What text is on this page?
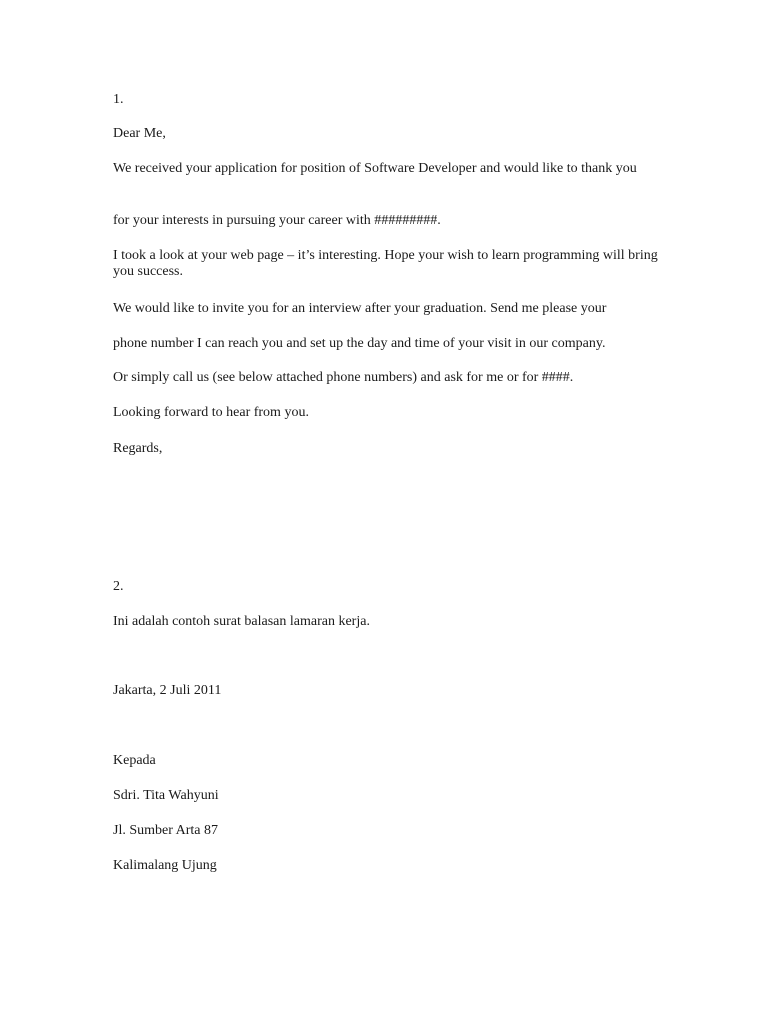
1.

Dear Me,

We received your application for position of Software Developer and would like to thank you

for your interests in pursuing your career with #########.

I took a look at your web page – it’s interesting. Hope your wish to learn programming will bring you success.

We would like to invite you for an interview after your graduation. Send me please your

phone number I can reach you and set up the day and time of your visit in our company.

Or simply call us (see below attached phone numbers) and ask for me or for ####.

Looking forward to hear from you.

Regards,

2.

Ini adalah contoh surat balasan lamaran kerja.

Jakarta, 2 Juli 2011

Kepada

Sdri. Tita Wahyuni

Jl. Sumber Arta 87

Kalimalang Ujung
